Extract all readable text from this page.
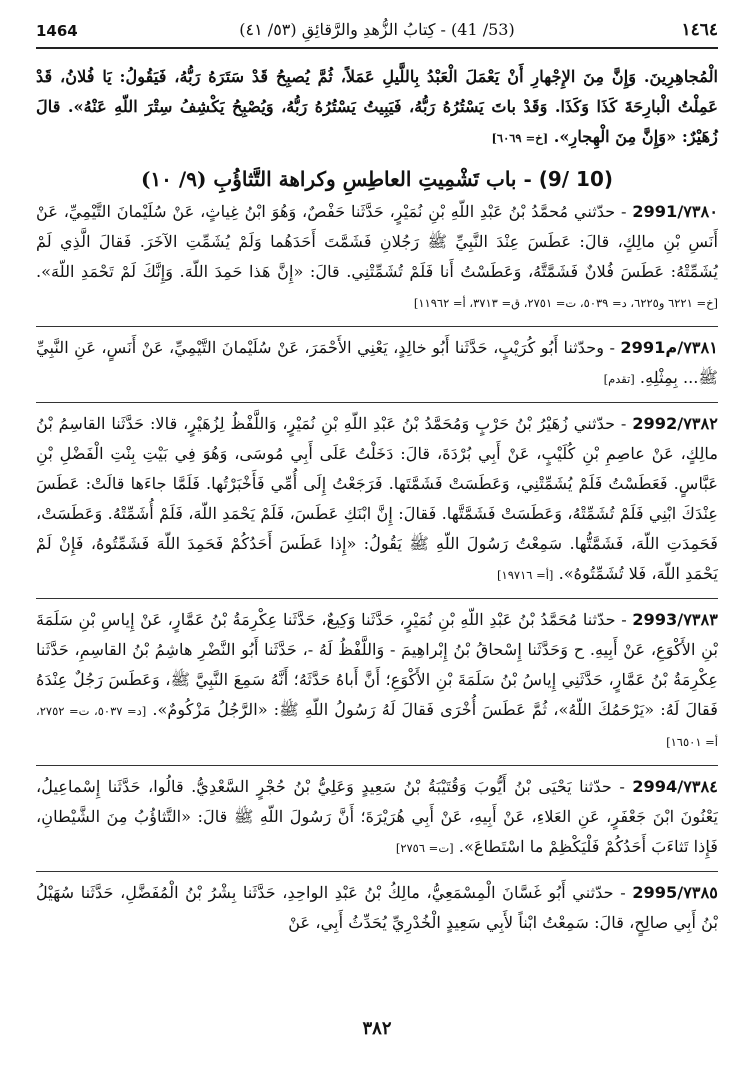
1464	(53/ 41) - كِتابُ الزُّهدِ والرَّقائِقِ (٥٣/ ٤١)	١٤٦٤

الْمُجاهِرِينَ. وَإِنَّ مِنَ الإِجْهارِ أَنْ يَعْمَلَ الْعَبْدُ بِاللَّيلِ عَمَلاً، ثُمَّ يُصبِحُ قَدْ سَتَرَهُ رَبُّهُ، فَيَقُولُ: يَا فُلانُ، قَدْ عَمِلْتُ الْبارِحَةَ كَذَا وَكَذَا. وَقَدْ باتَ يَسْتُرُهُ رَبُّهُ، فَيَبِيتُ يَسْتُرُهُ رَبُّهُ، وَيُصْبِحُ يَكْشِفُ سِتْرَ اللّهِ عَنْهُ». قالَ زُهَيْرٌ: «وَإِنَّ مِنَ الْهِجارِ». [خ= ٦٠٦٩]

(9/ 10) - باب تَشْمِيتِ العاطِسِ وكراهة التَّثاؤُبِ (٩/ ١٠)

٧٣٨٠/2991 - حدّثني مُحمَّدُ بْنُ عَبْدِ اللّهِ بْنِ نُمَيْرٍ، حَدَّثَنا حَفْصٌ، وَهُوَ ابْنُ غِياثٍ، عَنْ سُلَيْمانَ التَّيْمِيِّ، عَنْ أَنَسِ بْنِ مالِكٍ، قالَ: عَطَسَ عِنْدَ النَّبِيِّ ﷺ رَجُلانِ فَشَمَّتَ أَحَدَهُما وَلَمْ يُشَمِّتِ الآخَرَ. فَقالَ الَّذِي لَمْ يُشَمِّتْهُ: عَطَسَ فُلانٌ فَشَمَّتَّهُ، وَعَطَسْتُ أَنا فَلَمْ تُشَمِّتْنِي. قالَ: «إِنَّ هَذا حَمِدَ اللّهَ. وَإِنَّكَ لَمْ تَحْمَدِ اللّهَ». [خ= ٦٢٢١ و٦٢٢٥، د= ٥٠٣٩، ت= ٢٧٥١، ق= ٣٧١٣، أ= ١١٩٦٢]

٧٣٨١/2991م - وحدّثنا أَبُو كُرَيْبٍ، حَدَّثَنا أَبُو خالِدٍ، يَعْنِي الأَحْمَرَ، عَنْ سُلَيْمانَ التَّيْمِيِّ، عَنْ أَنَسٍ، عَنِ النَّبِيِّ ﷺ... بِمِثْلِهِ. [تقدم]

٧٣٨٢/2992 - حدّثني زُهَيْرُ بْنُ حَرْبٍ وَمُحَمَّدُ بْنُ عَبْدِ اللّهِ بْنِ نُمَيْرٍ، وَاللَّفْظُ لِزُهَيْرٍ، قالا: حَدَّثَنا القاسِمُ بْنُ مالِكٍ، عَنْ عاصِمِ بْنِ كُلَيْبٍ، عَنْ أَبِي بُرْدَةَ، قالَ: دَخَلْتُ عَلَى أَبِي مُوسَى، وَهُوَ فِي بَيْتِ بِنْتِ الْفَضْلِ بْنِ عَبَّاسٍ. فَعَطَسْتُ فَلَمْ يُشَمِّتْنِي، وَعَطَسَتْ فَشَمَّتَها. فَرَجَعْتُ إِلَى أُمِّي فَأَخْبَرْتُها. فَلَمَّا جاءَها قالَتْ: عَطَسَ عِنْدَكَ ابْنِي فَلَمْ تُشَمِّتْهُ، وَعَطَسَتْ فَشَمَّتَّها. فَقالَ: إِنَّ ابْنَكِ عَطَسَ، فَلَمْ يَحْمَدِ اللّهَ، فَلَمْ أُشَمِّتْهُ. وَعَطَسَتْ، فَحَمِدَتِ اللّهَ، فَشَمَّتُّها. سَمِعْتُ رَسُولَ اللّهِ ﷺ يَقُولُ: «إِذا عَطَسَ أَحَدُكُمْ فَحَمِدَ اللّهَ فَشَمِّتُوهُ، فَإِنْ لَمْ يَحْمَدِ اللّهَ، فَلا تُشَمِّتُوهُ». [أ= ١٩٧١٦]

٧٣٨٣/2993 - حدّثنا مُحَمَّدُ بْنُ عَبْدِ اللّهِ بْنِ نُمَيْرٍ، حَدَّثَنا وَكِيعٌ، حَدَّثَنا عِكْرِمَةُ بْنُ عَمَّارٍ، عَنْ إِياسِ بْنِ سَلَمَةَ بْنِ الأَكْوَعِ، عَنْ أَبِيهِ. ح وَحَدَّثَنا إِسْحاقُ بْنُ إِبْراهِيمَ - وَاللَّفْظُ لَهُ -، حَدَّثَنا أَبُو النَّضْرِ هاشِمُ بْنُ القاسِمِ، حَدَّثَنا عِكْرِمَةُ بْنُ عَمَّارٍ، حَدَّثَنِي إِياسُ بْنُ سَلَمَةَ بْنِ الأَكْوَعِ؛ أَنَّ أَباهُ حَدَّثَهُ؛ أَنَّهُ سَمِعَ النَّبِيَّ ﷺ، وَعَطَسَ رَجُلٌ عِنْدَهُ فَقالَ لَهُ: «يَرْحَمُكَ اللّهُ»، ثُمَّ عَطَسَ أُخْرَى فَقالَ لَهُ رَسُولُ اللّهِ ﷺ: «الرَّجُلُ مَزْكُومٌ». [د= ٥٠٣٧، ت= ٢٧٥٢، أ= ١٦٥٠١]

٧٣٨٤/2994 - حدّثنا يَحْيَى بْنُ أَيُّوبَ وَقُتَيْبَةُ بْنُ سَعِيدٍ وَعَلِيُّ بْنُ حُجْرٍ السَّعْدِيُّ. قالُوا، حَدَّثَنا إِسْماعِيلُ، يَعْنُونَ ابْنَ جَعْفَرٍ، عَنِ العَلاءِ، عَنْ أَبِيهِ، عَنْ أَبِي هُرَيْرَةَ؛ أَنَّ رَسُولَ اللّهِ ﷺ قالَ: «التَّثاؤُبُ مِنَ الشَّيْطانِ، فَإِذا تَثاءَبَ أَحَدُكُمْ فَلْيَكْظِمْ ما اسْتَطاعَ». [ت= ٢٧٥٦]

٧٣٨٥/2995 - حدّثني أَبُو غَسَّانَ الْمِسْمَعِيُّ، مالِكُ بْنُ عَبْدِ الواحِدِ، حَدَّثَنا بِشْرُ بْنُ الْمُفَضَّلِ، حَدَّثَنا سُهَيْلُ بْنُ أَبِي صالِحٍ، قالَ: سَمِعْتُ ابْناً لأَبِي سَعِيدٍ الْخُدْرِيِّ يُحَدِّثُ أَبِي، عَنْ

٣٨٢
